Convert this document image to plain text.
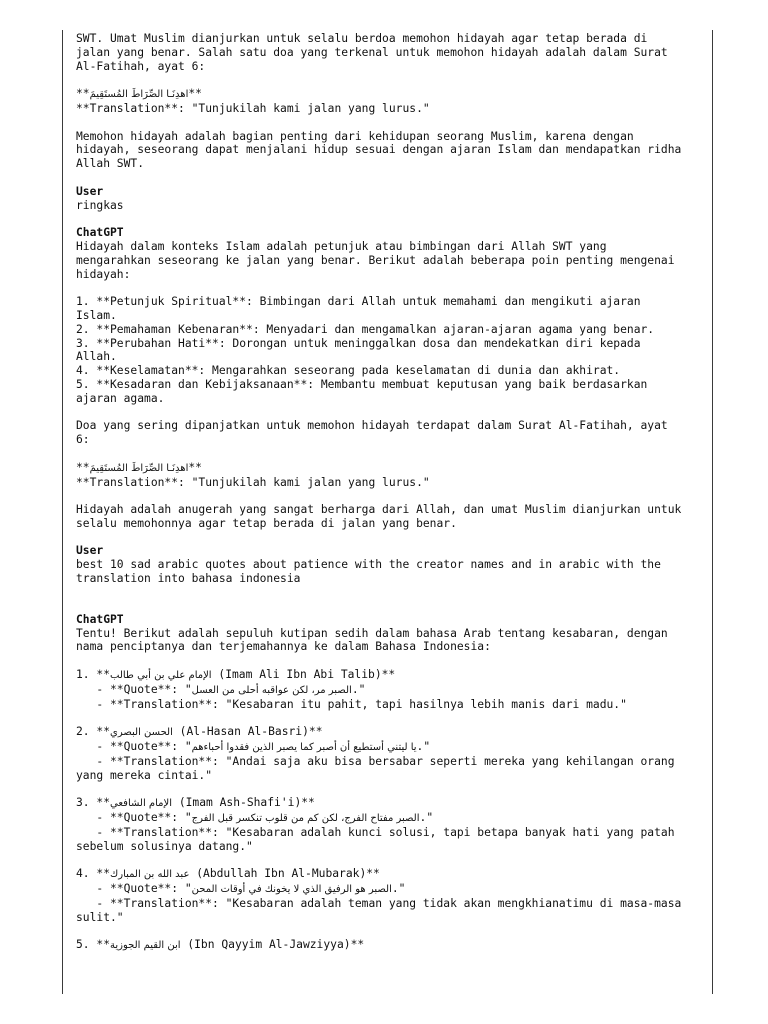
SWT. Umat Muslim dianjurkan untuk selalu berdoa memohon hidayah agar tetap berada di

jalan yang benar. Salah satu doa yang terkenal untuk memohon hidayah adalah dalam Surat

Al-Fatihah, ayat 6:

**اهدِنَـا الصِّرَاطَ المُستَقِيمَ**

**Translation**: "Tunjukilah kami jalan yang lurus."

Memohon hidayah adalah bagian penting dari kehidupan seorang Muslim, karena dengan

hidayah, seseorang dapat menjalani hidup sesuai dengan ajaran Islam dan mendapatkan ridha

Allah SWT.

User

ringkas

ChatGPT

Hidayah dalam konteks Islam adalah petunjuk atau bimbingan dari Allah SWT yang

mengarahkan seseorang ke jalan yang benar. Berikut adalah beberapa poin penting mengenai

hidayah:

1. **Petunjuk Spiritual**: Bimbingan dari Allah untuk memahami dan mengikuti ajaran

Islam.

2. **Pemahaman Kebenaran**: Menyadari dan mengamalkan ajaran-ajaran agama yang benar.

3. **Perubahan Hati**: Dorongan untuk meninggalkan dosa dan mendekatkan diri kepada

Allah.

4. **Keselamatan**: Mengarahkan seseorang pada keselamatan di dunia dan akhirat.

5. **Kesadaran dan Kebijaksanaan**: Membantu membuat keputusan yang baik berdasarkan

ajaran agama.

Doa yang sering dipanjatkan untuk memohon hidayah terdapat dalam Surat Al-Fatihah, ayat

6:

**اهدِنَـا الصِّرَاطَ المُستَقِيمَ**

**Translation**: "Tunjukilah kami jalan yang lurus."

Hidayah adalah anugerah yang sangat berharga dari Allah, dan umat Muslim dianjurkan untuk

selalu memohonnya agar tetap berada di jalan yang benar.

User

best 10 sad arabic quotes about patience with the creator names and in arabic with the

translation into bahasa indonesia

ChatGPT

Tentu! Berikut adalah sepuluh kutipan sedih dalam bahasa Arab tentang kesabaran, dengan

nama penciptanya dan terjemahannya ke dalam Bahasa Indonesia:

1. **الإمام علي بن أبي طالب (Imam Ali Ibn Abi Talib)**

- **Quote**: "الصبر مر، لكن عواقبه أحلى من العسل."

- **Translation**: "Kesabaran itu pahit, tapi hasilnya lebih manis dari madu."

2. **الحسن البصري (Al-Hasan Al-Basri)**

- **Quote**: "يا ليتني أستطيع أن أصبر كما يصبر الذين فقدوا أحباءهم."

- **Translation**: "Andai saja aku bisa bersabar seperti mereka yang kehilangan orang

yang mereka cintai."

3. **الإمام الشافعي (Imam Ash-Shafi'i)**

- **Quote**: "الصبر مفتاح الفرج، لكن كم من قلوب تنكسر قبل الفرج."

- **Translation**: "Kesabaran adalah kunci solusi, tapi betapa banyak hati yang patah

sebelum solusinya datang."

4. **عبد الله بن المبارك (Abdullah Ibn Al-Mubarak)**

- **Quote**: "الصبر هو الرفيق الذي لا يخونك في أوقات المحن."

- **Translation**: "Kesabaran adalah teman yang tidak akan mengkhianatimu di masa-masa

sulit."

5. **ابن القيم الجوزية (Ibn Qayyim Al-Jawziyya)**
